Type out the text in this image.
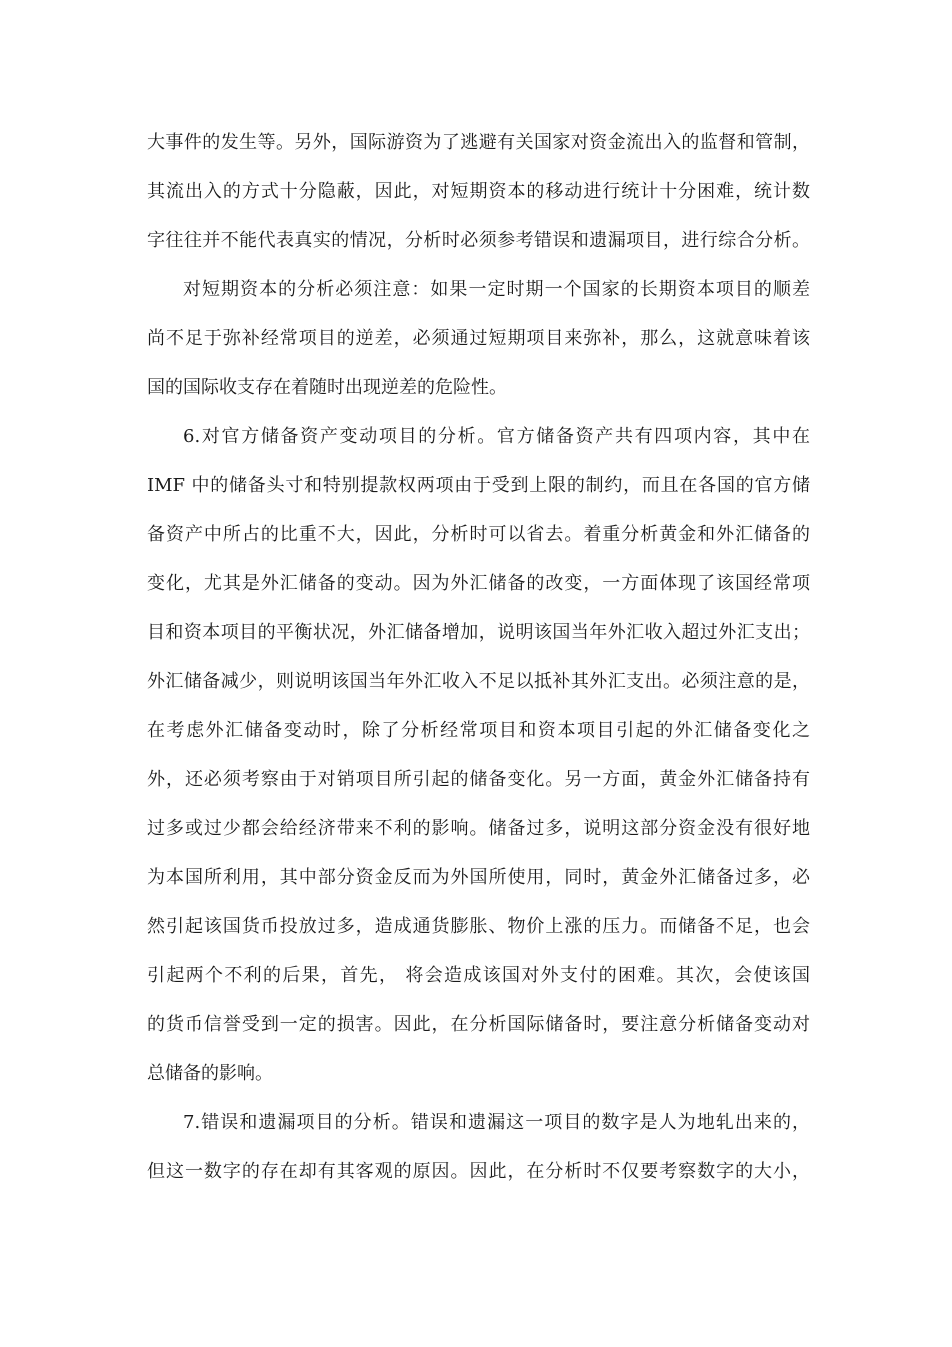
大事件的发生等。另外，国际游资为了逃避有关国家对资金流出入的监督和管制，
其流出入的方式十分隐蔽，因此，对短期资本的移动进行统计十分困难，统计数
字往往并不能代表真实的情况，分析时必须参考错误和遗漏项目，进行综合分析。
对短期资本的分析必须注意：如果一定时期一个国家的长期资本项目的顺差
尚不足于弥补经常项目的逆差，必须通过短期项目来弥补，那么，这就意味着该
国的国际收支存在着随时出现逆差的危险性。
6.对官方储备资产变动项目的分析。官方储备资产共有四项内容，其中在
IMF 中的储备头寸和特别提款权两项由于受到上限的制约，而且在各国的官方储
备资产中所占的比重不大，因此，分析时可以省去。着重分析黄金和外汇储备的
变化，尤其是外汇储备的变动。因为外汇储备的改变，一方面体现了该国经常项
目和资本项目的平衡状况，外汇储备增加，说明该国当年外汇收入超过外汇支出；
外汇储备减少，则说明该国当年外汇收入不足以抵补其外汇支出。必须注意的是，
在考虑外汇储备变动时，除了分析经常项目和资本项目引起的外汇储备变化之
外，还必须考察由于对销项目所引起的储备变化。另一方面，黄金外汇储备持有
过多或过少都会给经济带来不利的影响。储备过多，说明这部分资金没有很好地
为本国所利用，其中部分资金反而为外国所使用，同时，黄金外汇储备过多，必
然引起该国货币投放过多，造成通货膨胀、物价上涨的压力。而储备不足，也会
引起两个不利的后果，首先， 将会造成该国对外支付的困难。其次，会使该国
的货币信誉受到一定的损害。因此，在分析国际储备时，要注意分析储备变动对
总储备的影响。
7.错误和遗漏项目的分析。错误和遗漏这一项目的数字是人为地轧出来的，
但这一数字的存在却有其客观的原因。因此，在分析时不仅要考察数字的大小，
